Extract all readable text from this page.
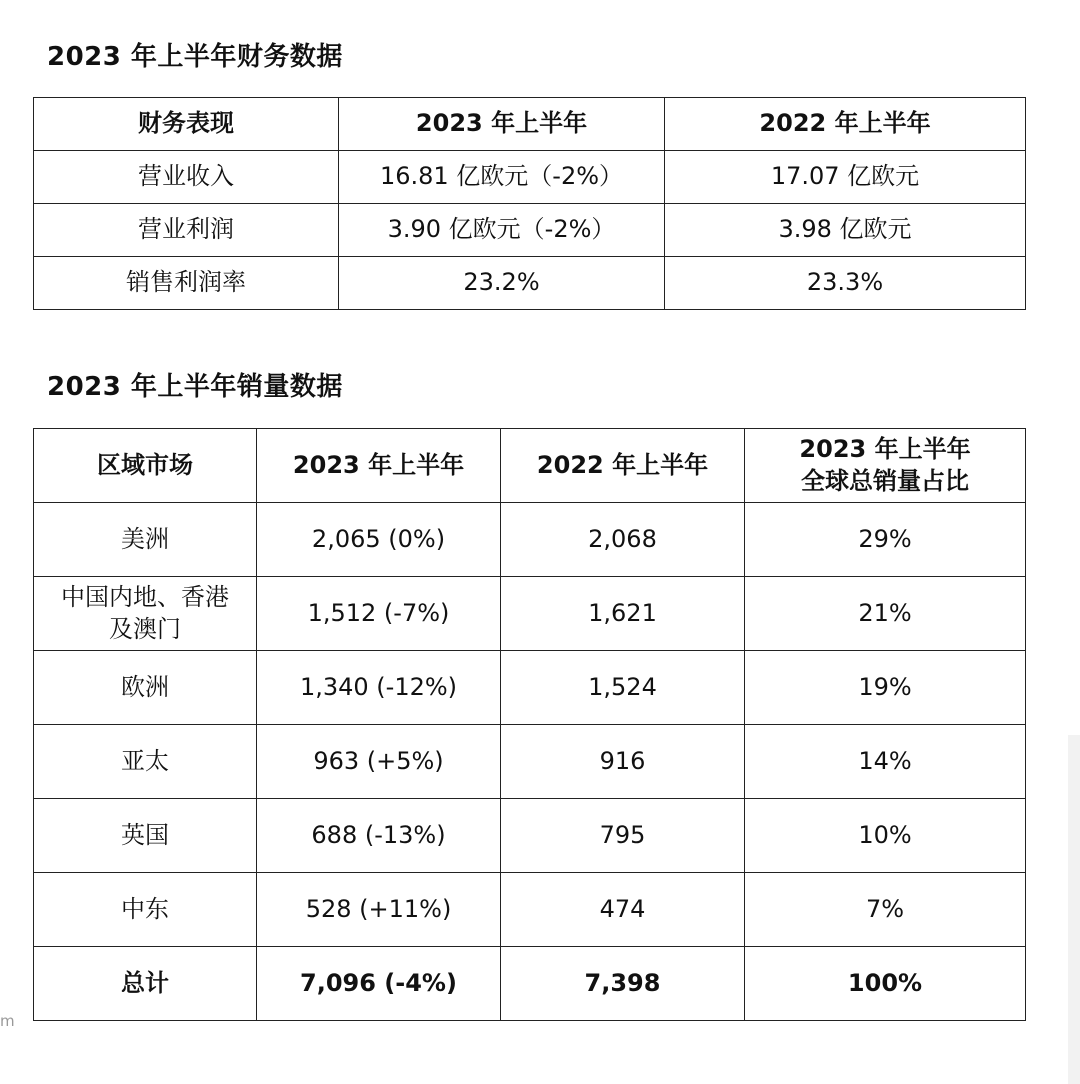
2023 年上半年财务数据
财务表现	2023 年上半年	2022 年上半年
营业收入	16.81 亿欧元（-2%）	17.07 亿欧元
营业利润	3.90 亿欧元（-2%）	3.98 亿欧元
销售利润率	23.2%	23.3%
2023 年上半年销量数据
区域市场	2023 年上半年	2022 年上半年	2023 年上半年
全球总销量占比
美洲	2,065 (0%)	2,068	29%
中国内地、香港
及澳门	1,512 (-7%)	1,621	21%
欧洲	1,340 (-12%)	1,524	19%
亚太	963 (+5%)	916	14%
英国	688 (-13%)	795	10%
中东	528 (+11%)	474	7%
总计	7,096 (-4%)	7,398	100%
m
